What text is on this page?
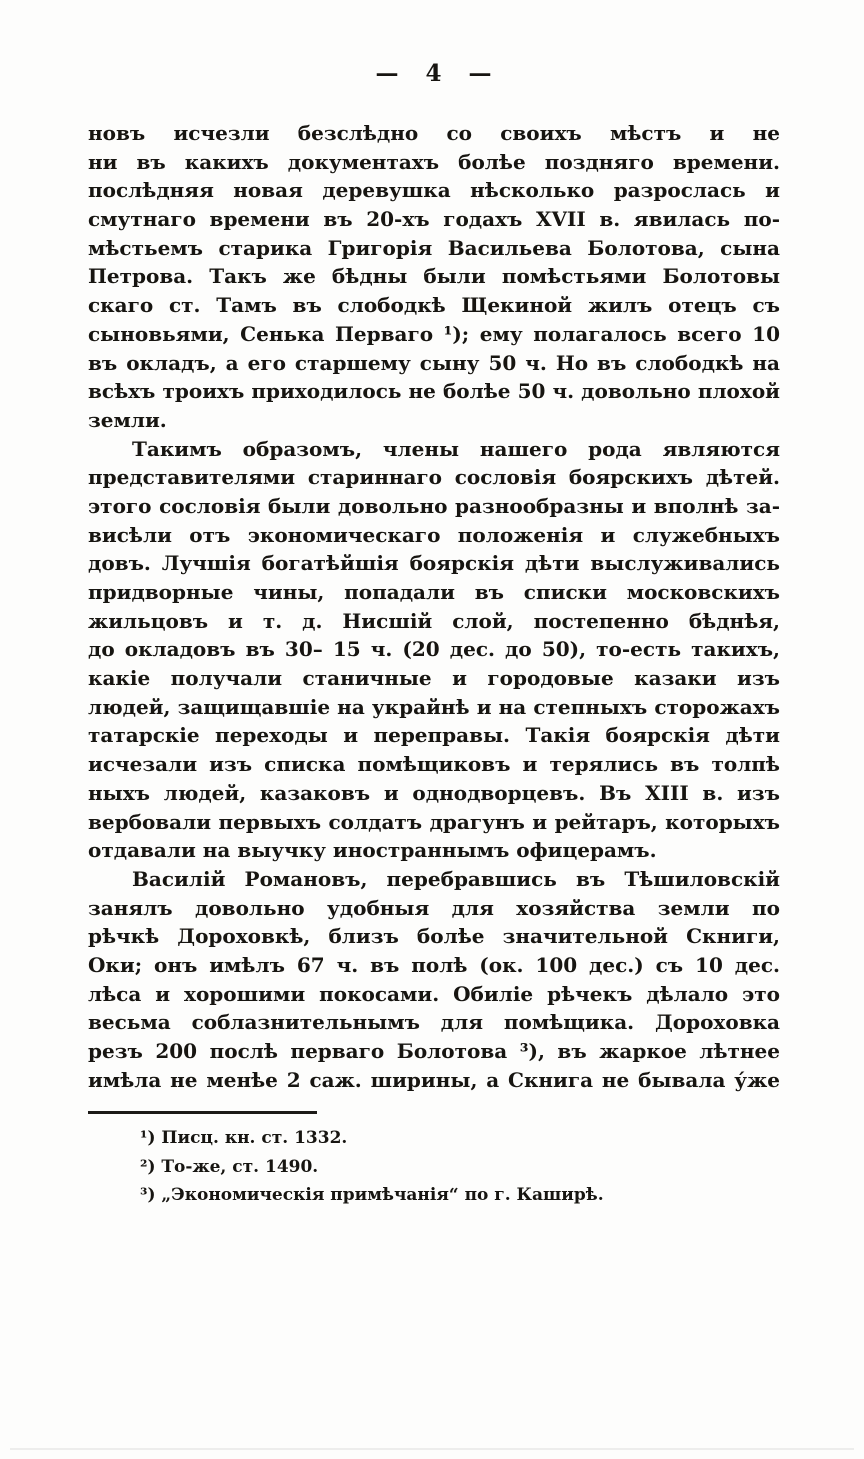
— 4 —
новъ исчезли безслѣдно со своихъ мѣстъ и не
ни въ какихъ документахъ болѣе поздняго времени.
послѣдняя новая деревушка нѣсколько разрослась и
смутнаго времени въ 20-хъ годахъ XVII в. явилась по-
мѣстьемъ старика Григорія Васильева Болотова, сына
Петрова. Такъ же бѣдны были помѣстьями Болотовы
скаго ст. Тамъ въ слободкѣ Щекиной жилъ отецъ съ
сыновьями, Сенька Перваго ¹); ему полагалось всего 10
въ окладъ, а его старшему сыну 50 ч. Но въ слободкѣ на
всѣхъ троихъ приходилось не болѣе 50 ч. довольно плохой
земли.
Такимъ образомъ, члены нашего рода являются
представителями стариннаго сословія боярскихъ дѣтей.
этого сословія были довольно разнообразны и вполнѣ за-
висѣли отъ экономическаго положенія и служебныхъ
довъ. Лучшія богатѣйшія боярскія дѣти выслуживались
придворные чины, попадали въ списки московскихъ
жильцовъ и т. д. Нисшій слой, постепенно бѣднѣя,
до окладовъ въ 30– 15 ч. (20 дес. до 50), то-есть такихъ,
какіе получали станичные и городовые казаки изъ
людей, защищавшіе на украйнѣ и на степныхъ сторожахъ
татарскіе переходы и переправы. Такія боярскія дѣти
исчезали изъ списка помѣщиковъ и терялись въ толпѣ
ныхъ людей, казаковъ и однодворцевъ. Въ XIII в. изъ
вербовали первыхъ солдатъ драгунъ и рейтаръ, которыхъ
отдавали на выучку иностраннымъ офицерамъ.
Василій Романовъ, перебравшись въ Тѣшиловскій
занялъ довольно удобныя для хозяйства земли по
рѣчкѣ Дороховкѣ, близъ болѣе значительной Скниги,
Оки; онъ имѣлъ 67 ч. въ полѣ (ок. 100 дес.) съ 10 дес.
лѣса и хорошими покосами. Обиліе рѣчекъ дѣлало это
весьма соблазнительнымъ для помѣщика. Дороховка
резъ 200 послѣ перваго Болотова ³), въ жаркое лѣтнее
имѣла не менѣе 2 саж. ширины, а Скнига не бывала у́же
¹) Писц. кн. ст. 1332.
²) То-же, ст. 1490.
³) „Экономическія примѣчанія“ по г. Каширѣ.
